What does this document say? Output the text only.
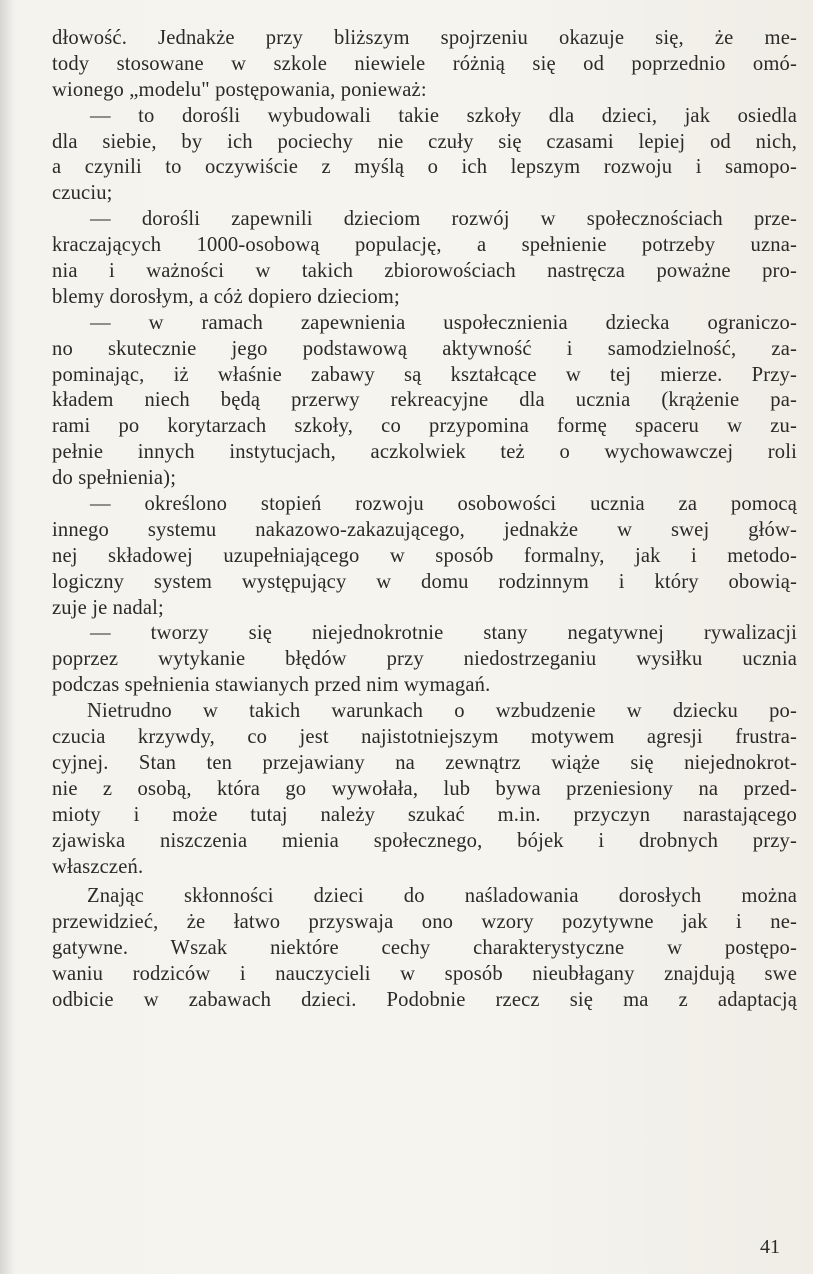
dłowość. Jednakże przy bliższym spojrzeniu okazuje się, że me-
tody stosowane w szkole niewiele różnią się od poprzednio omó-
wionego „modelu" postępowania, ponieważ:
— to dorośli wybudowali takie szkoły dla dzieci, jak osiedla
dla siebie, by ich pociechy nie czuły się czasami lepiej od nich,
a czynili to oczywiście z myślą o ich lepszym rozwoju i samopo-
czuciu;
— dorośli zapewnili dzieciom rozwój w społecznościach prze-
kraczających 1000-osobową populację, a spełnienie potrzeby uzna-
nia i ważności w takich zbiorowościach nastręcza poważne pro-
blemy dorosłym, a cóż dopiero dzieciom;
— w ramach zapewnienia uspołecznienia dziecka ograniczo-
no skutecznie jego podstawową aktywność i samodzielność, za-
pominając, iż właśnie zabawy są kształcące w tej mierze. Przy-
kładem niech będą przerwy rekreacyjne dla ucznia (krążenie pa-
rami po korytarzach szkoły, co przypomina formę spaceru w zu-
pełnie innych instytucjach, aczkolwiek też o wychowawczej roli
do spełnienia);
— określono stopień rozwoju osobowości ucznia za pomocą
innego systemu nakazowo-zakazującego, jednakże w swej głów-
nej składowej uzupełniającego w sposób formalny, jak i metodo-
logiczny system występujący w domu rodzinnym i który obowią-
zuje je nadal;
— tworzy się niejednokrotnie stany negatywnej rywalizacji
poprzez wytykanie błędów przy niedostrzeganiu wysiłku ucznia
podczas spełnienia stawianych przed nim wymagań.
Nietrudno w takich warunkach o wzbudzenie w dziecku po-
czucia krzywdy, co jest najistotniejszym motywem agresji frustra-
cyjnej. Stan ten przejawiany na zewnątrz wiąże się niejednokrot-
nie z osobą, która go wywołała, lub bywa przeniesiony na przed-
mioty i może tutaj należy szukać m.in. przyczyn narastającego
zjawiska niszczenia mienia społecznego, bójek i drobnych przy-
właszczeń.
Znając skłonności dzieci do naśladowania dorosłych można
przewidzieć, że łatwo przyswaja ono wzory pozytywne jak i ne-
gatywne. Wszak niektóre cechy charakterystyczne w postępo-
waniu rodziców i nauczycieli w sposób nieubłagany znajdują swe
odbicie w zabawach dzieci. Podobnie rzecz się ma z adaptacją
41
